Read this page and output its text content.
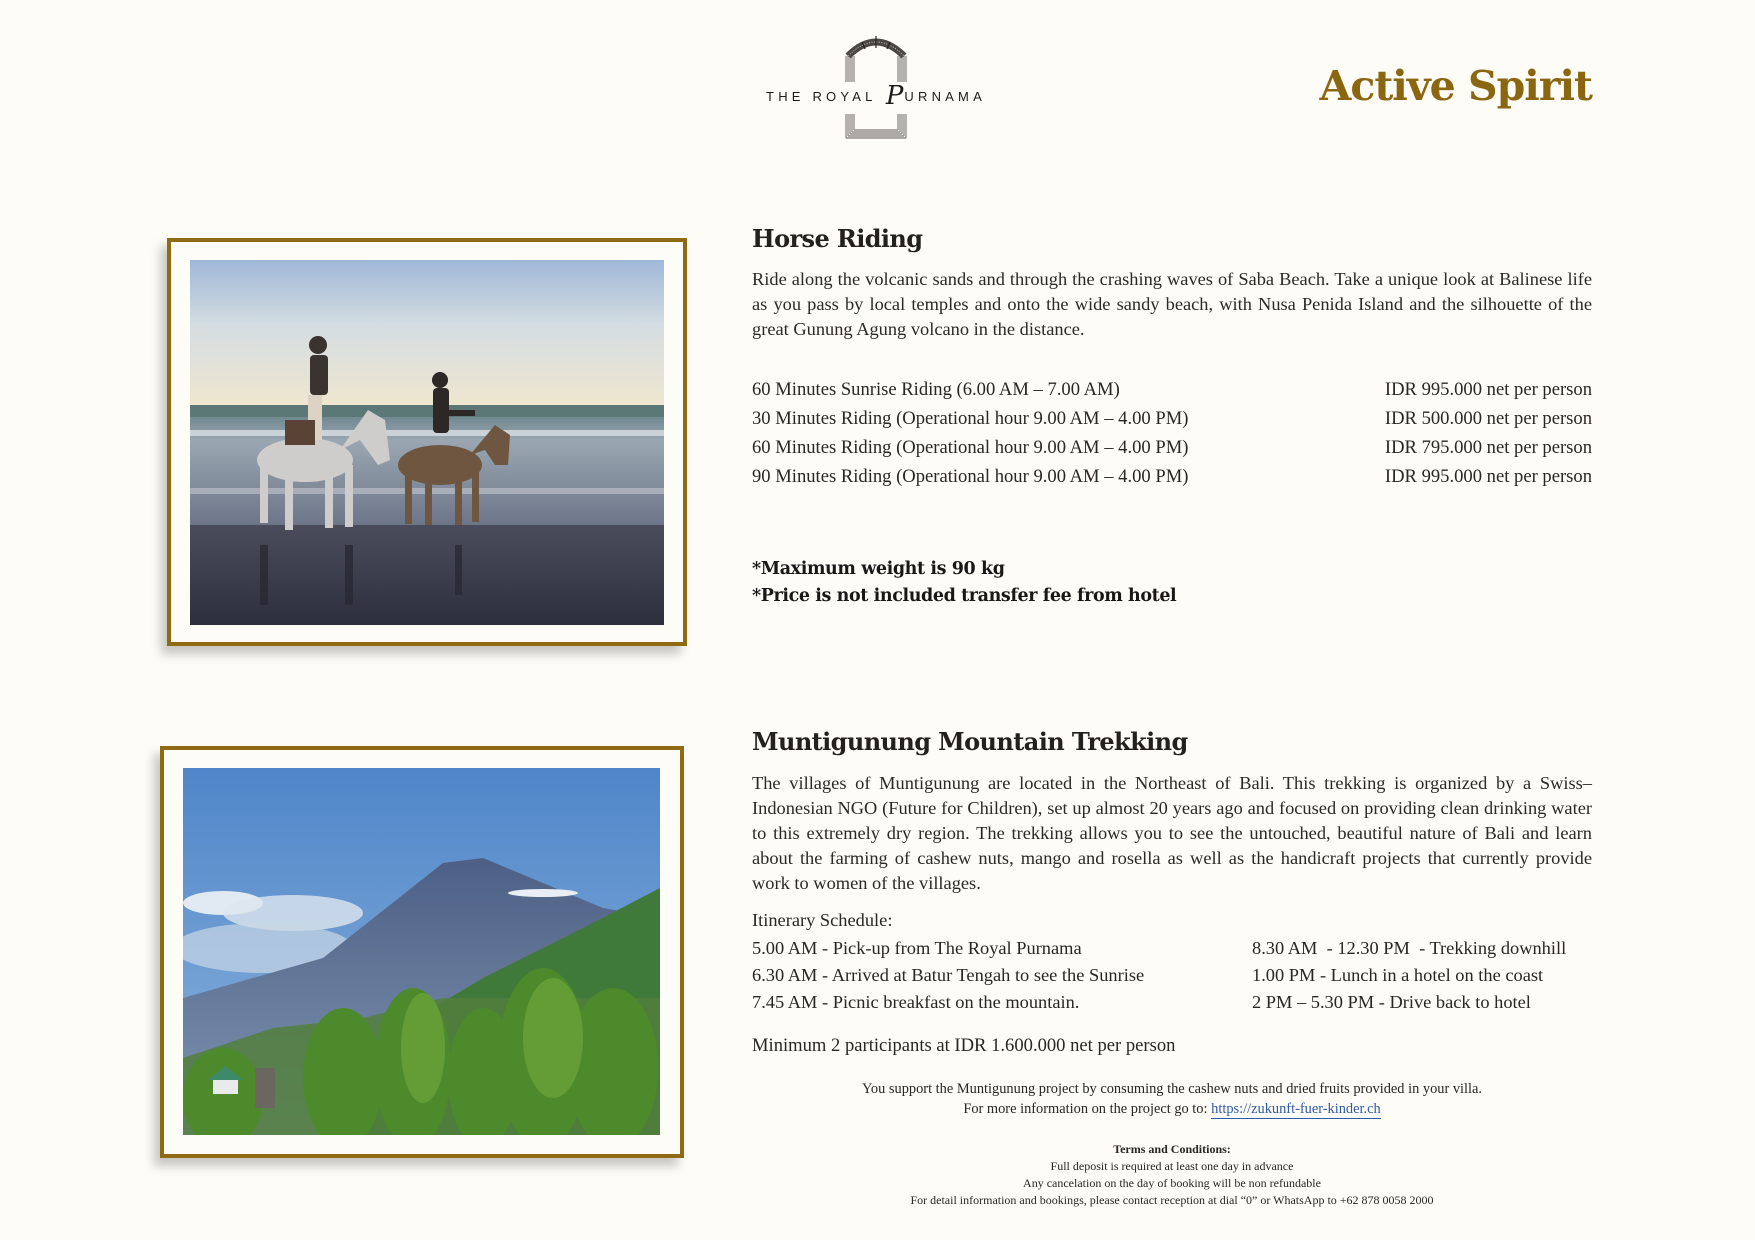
THE ROYAL PURNAMA	Active Spirit
Horse Riding

Ride along the volcanic sands and through the crashing waves of Saba Beach. Take a unique look at Balinese life as you pass by local temples and onto the wide sandy beach, with Nusa Penida Island and the silhouette of the great Gunung Agung volcano in the distance.

60 Minutes Sunrise Riding (6.00 AM – 7.00 AM)	IDR 995.000 net per person
30 Minutes Riding (Operational hour 9.00 AM – 4.00 PM)	IDR 500.000 net per person
60 Minutes Riding (Operational hour 9.00 AM – 4.00 PM)	IDR 795.000 net per person
90 Minutes Riding (Operational hour 9.00 AM – 4.00 PM)	IDR 995.000 net per person
*Maximum weight is 90 kg
*Price is not included transfer fee from hotel
Muntigunung Mountain Trekking

The villages of Muntigunung are located in the Northeast of Bali. This trekking is organized by a Swiss–Indonesian NGO (Future for Children), set up almost 20 years ago and focused on providing clean drinking water to this extremely dry region. The trekking allows you to see the untouched, beautiful nature of Bali and learn about the farming of cashew nuts, mango and rosella as well as the handicraft projects that currently provide work to women of the villages.

Itinerary Schedule:
5.00 AM - Pick-up from The Royal Purnama
6.30 AM - Arrived at Batur Tengah to see the Sunrise
7.45 AM - Picnic breakfast on the mountain.
8.30 AM  - 12.30 PM  - Trekking downhill
1.00 PM - Lunch in a hotel on the coast
2 PM – 5.30 PM - Drive back to hotel
Minimum 2 participants at IDR 1.600.000 net per person
You support the Muntigunung project by consuming the cashew nuts and dried fruits provided in your villa.
For more information on the project go to: https://zukunft-fuer-kinder.ch
Terms and Conditions:
Full deposit is required at least one day in advance
Any cancelation on the day of booking will be non refundable
For detail information and bookings, please contact reception at dial “0” or WhatsApp to +62 878 0058 2000
